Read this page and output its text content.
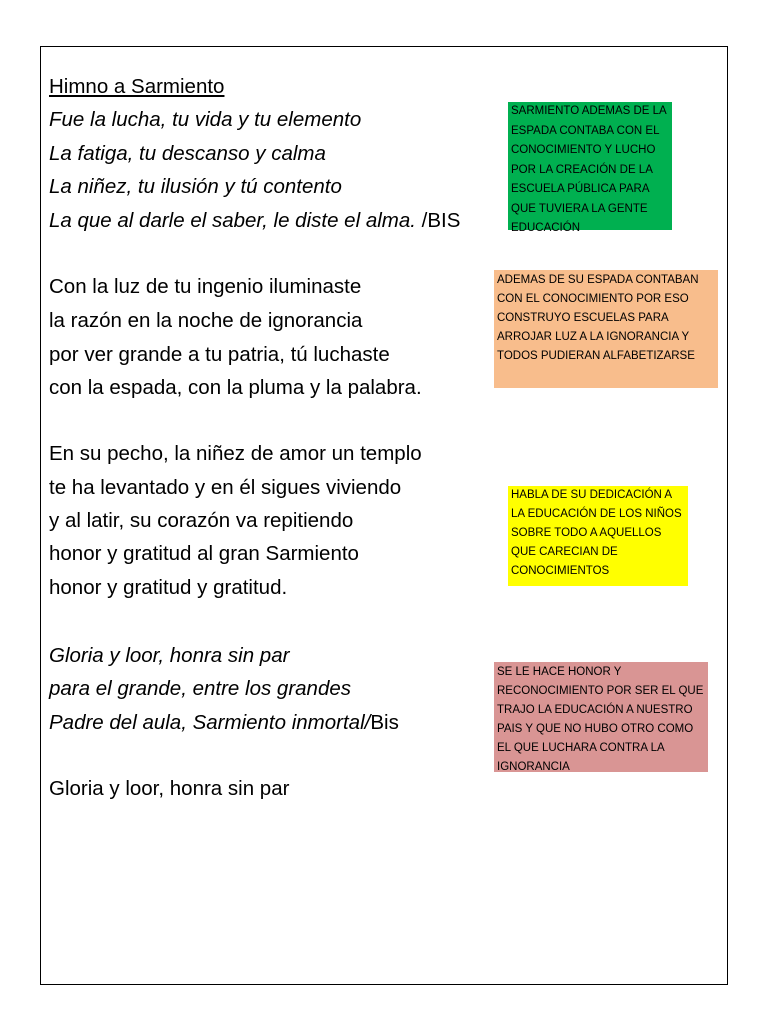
Himno a Sarmiento
Fue la lucha, tu vida y tu elemento
La fatiga, tu descanso y calma
La niñez, tu ilusión y tú contento
La que al darle el saber, le diste el alma. /BIS
Con la luz de tu ingenio iluminaste
la razón en la noche de ignorancia
por ver grande a tu patria, tú luchaste
con la espada, con la pluma y la palabra.
En su pecho, la niñez de amor un templo
te ha levantado y en él sigues viviendo
y al latir, su corazón va repitiendo
honor y gratitud al gran Sarmiento
honor y gratitud y gratitud.
Gloria y loor, honra sin par
para el grande, entre los grandes
Padre del aula, Sarmiento inmortal/Bis
Gloria y loor, honra sin par
SARMIENTO ADEMAS DE LA ESPADA CONTABA CON EL CONOCIMIENTO Y LUCHO POR LA CREACIÓN DE LA ESCUELA PÚBLICA PARA QUE TUVIERA LA GENTE EDUCACIÓN
ADEMAS DE SU ESPADA CONTABAN CON EL CONOCIMIENTO POR ESO CONSTRUYO ESCUELAS PARA ARROJAR LUZ A LA IGNORANCIA Y TODOS PUDIERAN ALFABETIZARSE
HABLA DE SU DEDICACIÓN A LA EDUCACIÓN DE LOS NIÑOS SOBRE TODO A AQUELLOS QUE CARECIAN DE CONOCIMIENTOS
SE LE HACE HONOR Y RECONOCIMIENTO POR SER EL QUE TRAJO LA EDUCACIÓN A NUESTRO PAIS Y QUE NO HUBO OTRO COMO EL QUE LUCHARA CONTRA LA IGNORANCIA
